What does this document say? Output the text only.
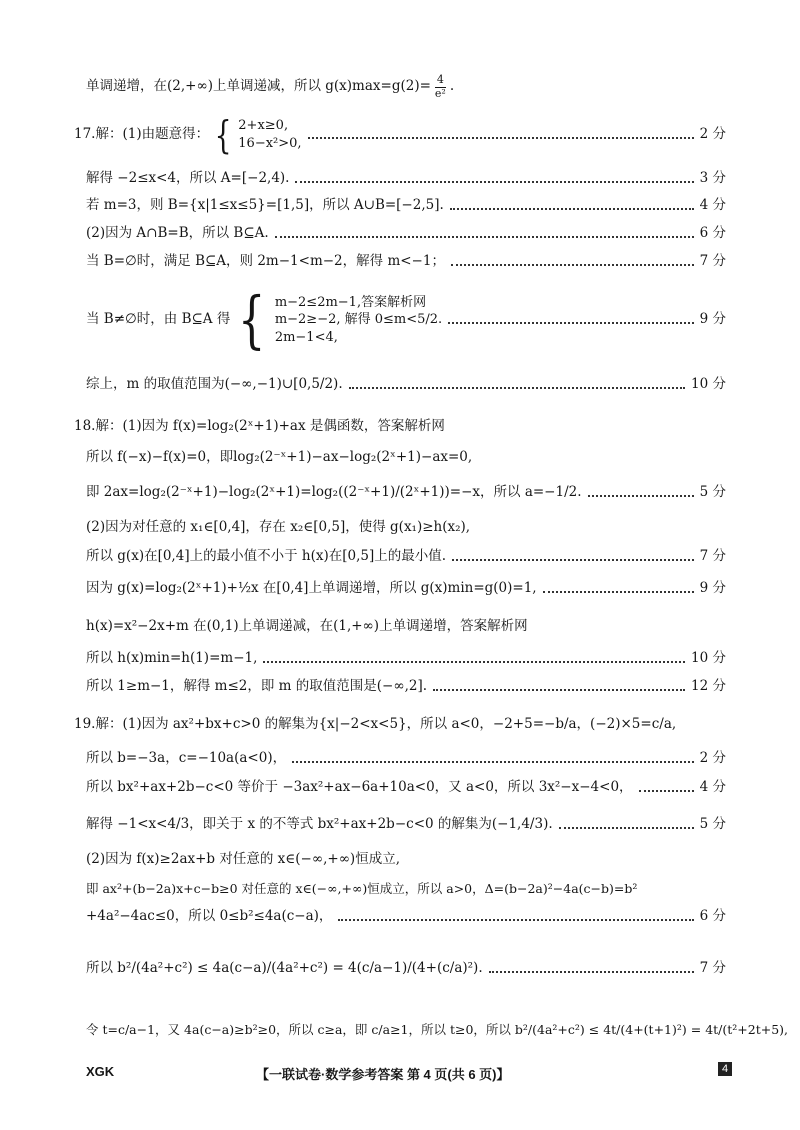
单调递增，在(2,+∞)上单调递减，所以 $g(x)\max=g(2)= \frac{4}{\text{e²}}$ .
17.解：(1)由题意得： { 2+x≥0,
16−x²>0,
2 分
解得 −2≤x<4，所以 A=[−2,4).	3 分
若 m=3，则 B={x|1≤x≤5}=[1,5]，所以 A∪B=[−2,5].	4 分
(2)因为 A∩B=B，所以 B⊆A.	6 分
当 B=∅时，满足 B⊆A，则 2m−1<m−2，解得 m<−1；	7 分
当 B≠∅时，由 B⊆A 得 { m−2≤2m−1,答案解析网
m−2≥−2, 解得 0≤m<5/2.
2m−1<4,
9 分
综上，m 的取值范围为(−∞,−1)∪[0,5/2).	10 分
18.解：(1)因为 f(x)=log₂(2ˣ+1)+ax 是偶函数，答案解析网
所以 f(−x)−f(x)=0，即log₂(2⁻ˣ+1)−ax−log₂(2ˣ+1)−ax=0,
即 2ax=log₂(2⁻ˣ+1)−log₂(2ˣ+1)=log₂((2⁻ˣ+1)/(2ˣ+1))=−x，所以 a=−1/2.	5 分
(2)因为对任意的 x₁∈[0,4]，存在 x₂∈[0,5]，使得 g(x₁)≥h(x₂),
所以 g(x)在[0,4]上的最小值不小于 h(x)在[0,5]上的最小值.	7 分
因为 g(x)=log₂(2ˣ+1)+½x 在[0,4]上单调递增，所以 g(x)min=g(0)=1,	9 分
h(x)=x²−2x+m 在(0,1)上单调递减，在(1,+∞)上单调递增，答案解析网
所以 h(x)min=h(1)=m−1,	10 分
所以 1≥m−1，解得 m≤2，即 m 的取值范围是(−∞,2].	12 分
19.解：(1)因为 ax²+bx+c>0 的解集为{x|−2<x<5}，所以 a<0，−2+5=−b/a，(−2)×5=c/a,
所以 b=−3a，c=−10a(a<0)，	2 分
所以 bx²+ax+2b−c<0 等价于 −3ax²+ax−6a+10a<0，又 a<0，所以 3x²−x−4<0，	4 分
解得 −1<x<4/3，即关于 x 的不等式 bx²+ax+2b−c<0 的解集为(−1,4/3).	5 分
(2)因为 f(x)≥2ax+b 对任意的 x∈(−∞,+∞)恒成立,
即 ax²+(b−2a)x+c−b≥0 对任意的 x∈(−∞,+∞)恒成立，所以 a>0，Δ=(b−2a)²−4a(c−b)=b²
+4a²−4ac≤0，所以 0≤b²≤4a(c−a)，	6 分
所以 b²/(4a²+c²) ≤ 4a(c−a)/(4a²+c²) = 4(c/a−1)/(4+(c/a)²).	7 分
令 t=c/a−1，又 4a(c−a)≥b²≥0，所以 c≥a，即 c/a≥1，所以 t≥0，所以 b²/(4a²+c²) ≤ 4t/(4+(t+1)²) = 4t/(t²+2t+5),
XGK	【一联试卷·数学参考答案 第 4 页(共 6 页)】	4
